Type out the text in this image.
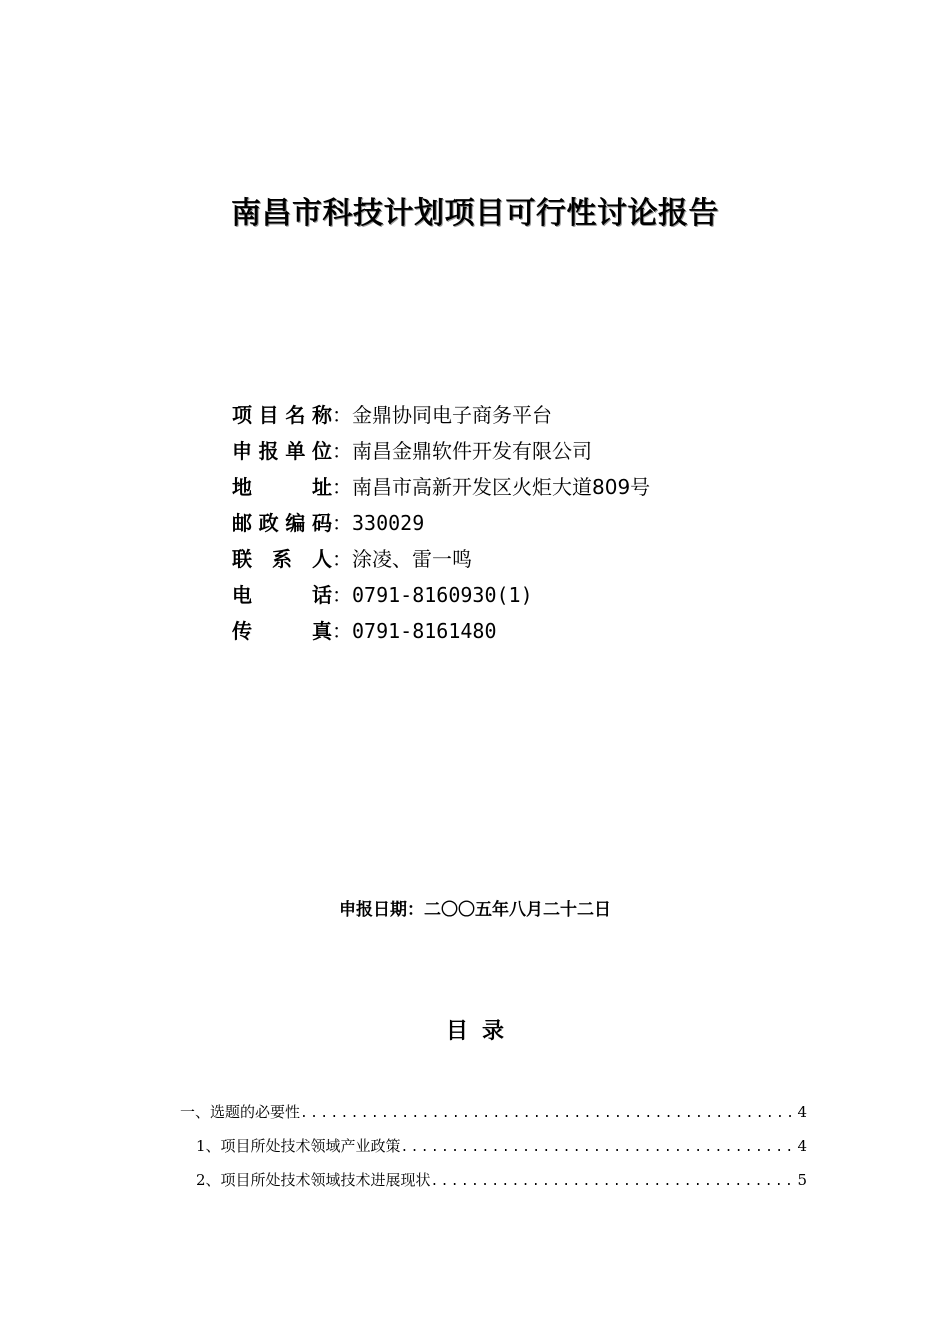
南昌市科技计划项目可行性讨论报告
项目名称 ： 金鼎协同电子商务平台
申报单位 ： 南昌金鼎软件开发有限公司
地址 ： 南昌市高新开发区火炬大道809号
邮政编码 ： 330029
联系人 ： 涂凌、雷一鸣
电话 ： 0791-8160930(1)
传真 ： 0791-8161480
申报日期：二〇〇五年八月二十二日
目录
一、选题的必要性 .....	4
1、项目所处技术领域产业政策 .....	4
2、项目所处技术领域技术进展现状 .....	5
